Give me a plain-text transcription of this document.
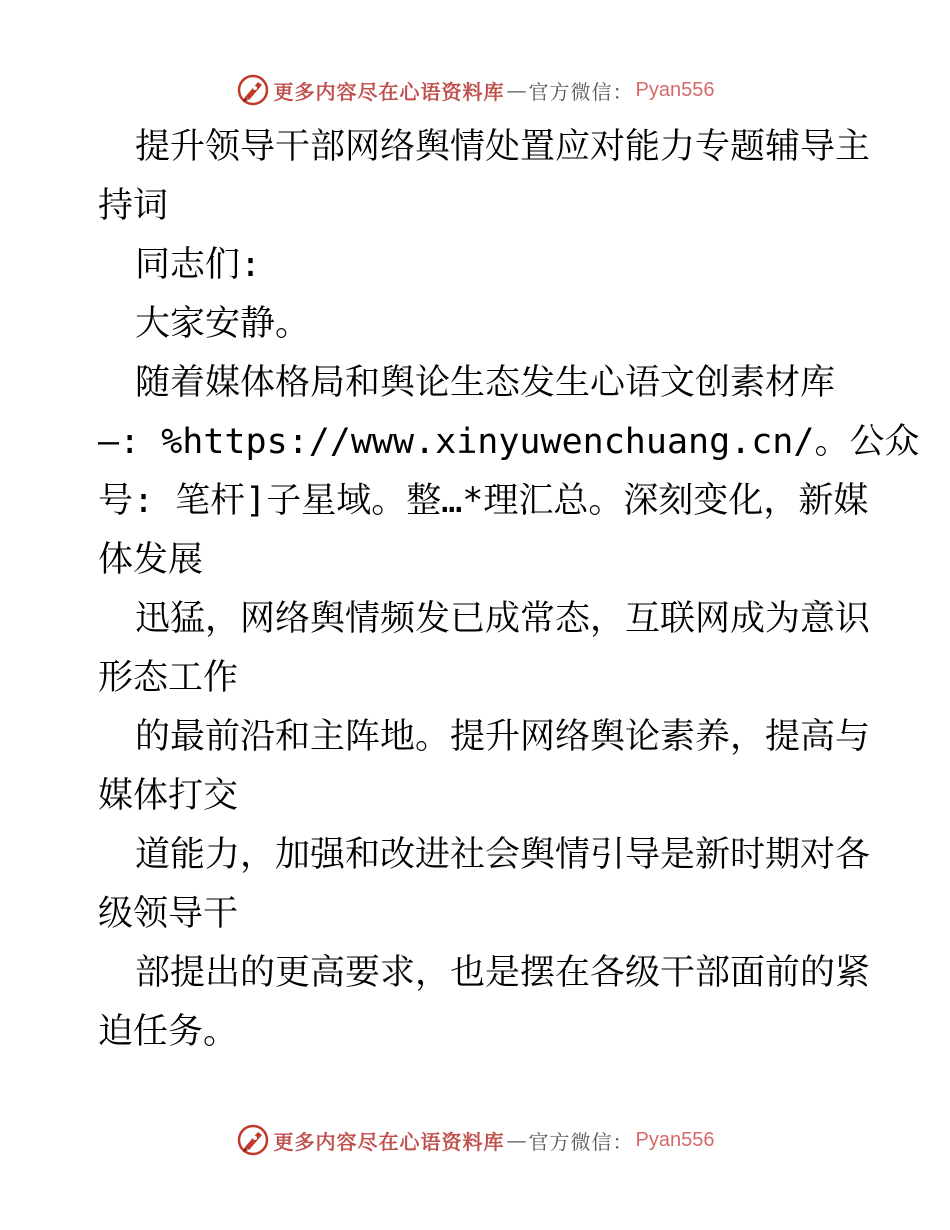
更多内容尽在心语资料库 — 官方微信： Pyan556
提升领导干部网络舆情处置应对能力专题辅导主
持词
同志们:
大家安静。
随着媒体格局和舆论生态发生心语文创素材库
—: %https://www.xinyuwenchuang.cn/。公众
号: 笔杆]子星域。整…*理汇总。深刻变化，新媒
体发展
迅猛，网络舆情频发已成常态，互联网成为意识
形态工作
的最前沿和主阵地。提升网络舆论素养，提高与
媒体打交
道能力，加强和改进社会舆情引导是新时期对各
级领导干
部提出的更高要求，也是摆在各级干部面前的紧
迫任务。
更多内容尽在心语资料库 — 官方微信： Pyan556
